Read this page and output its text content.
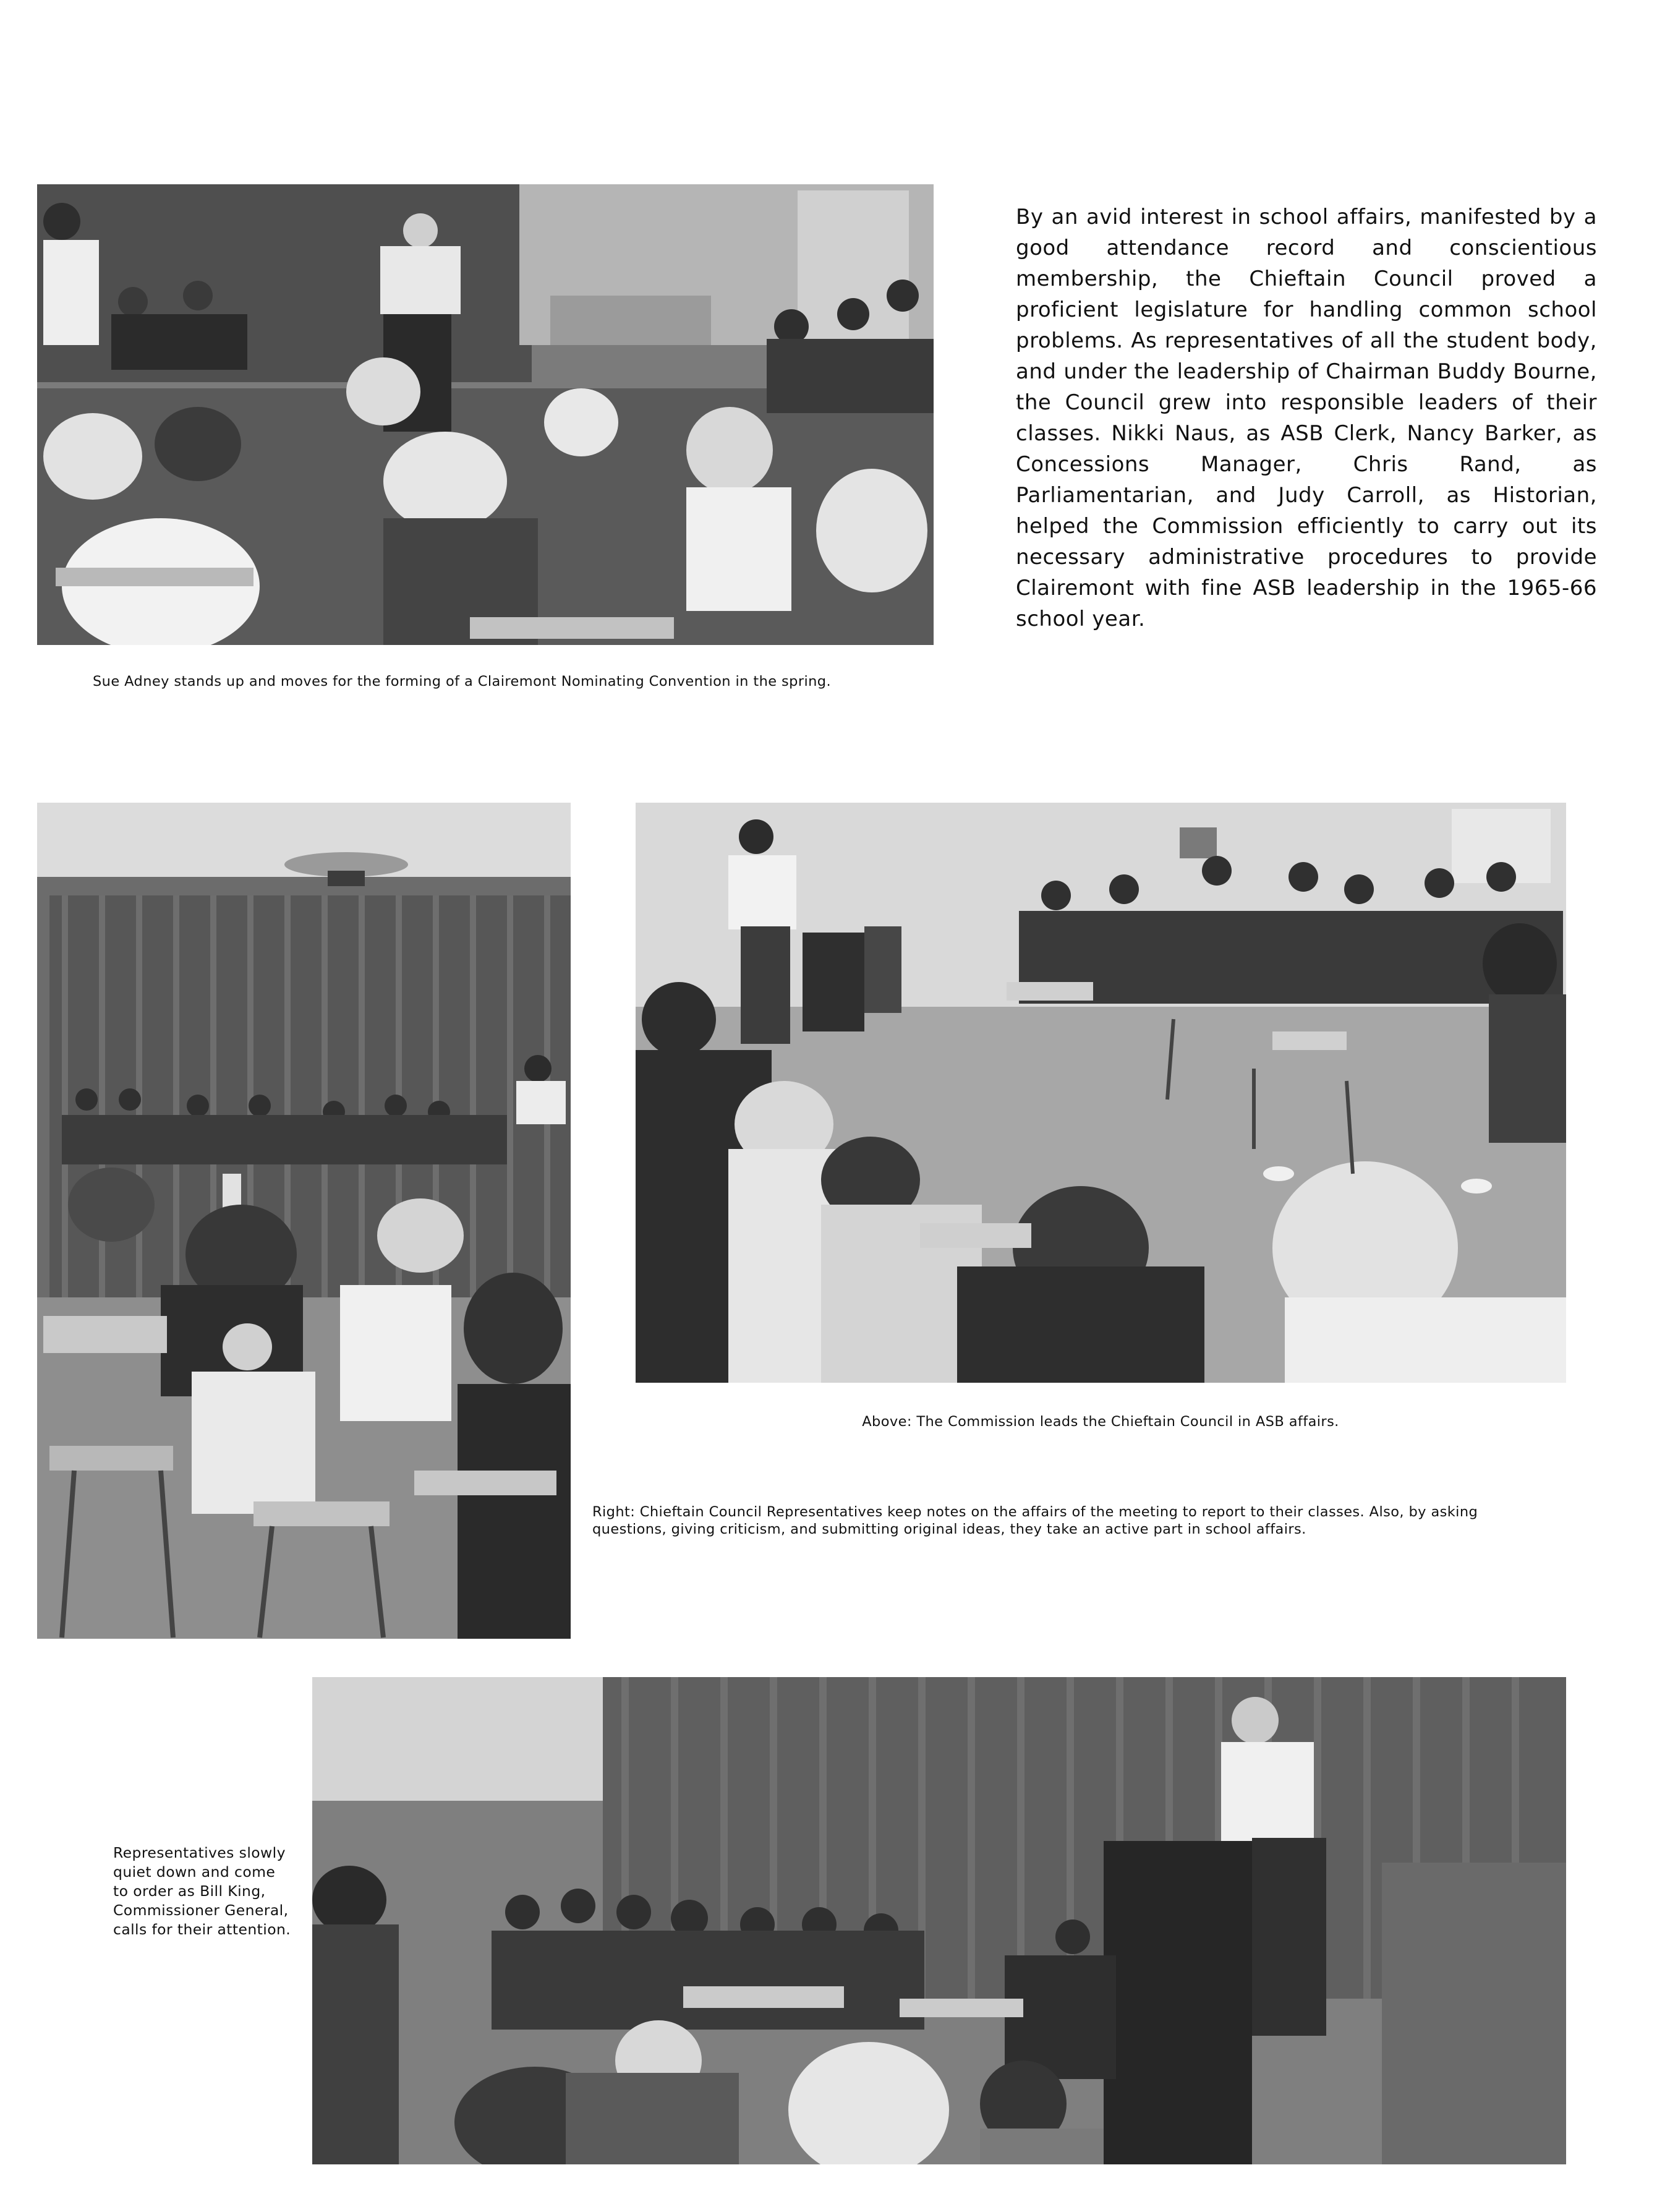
By an avid interest in school affairs, manifested by a good attendance record and conscientious membership, the Chieftain Council proved a proficient legislature for handling common school problems. As representatives of all the student body, and under the leadership of Chairman Buddy Bourne, the Council grew into responsible leaders of their classes. Nikki Naus, as ASB Clerk, Nancy Barker, as Concessions Manager, Chris Rand, as Parliamentarian, and Judy Carroll, as Historian, helped the Commission efficiently to carry out its necessary administrative procedures to provide Clairemont with fine ASB leadership in the 1965-66 school year.

Sue Adney stands up and moves for the forming of a Clairemont Nominating Convention in the spring.

Above: The Commission leads the Chieftain Council in ASB affairs.

Right: Chieftain Council Representatives keep notes on the affairs of the meeting to report to their classes. Also, by asking questions, giving criticism, and submitting original ideas, they take an active part in school affairs.

Representatives slowly quiet down and come to order as Bill King, Commissioner General, calls for their attention.
